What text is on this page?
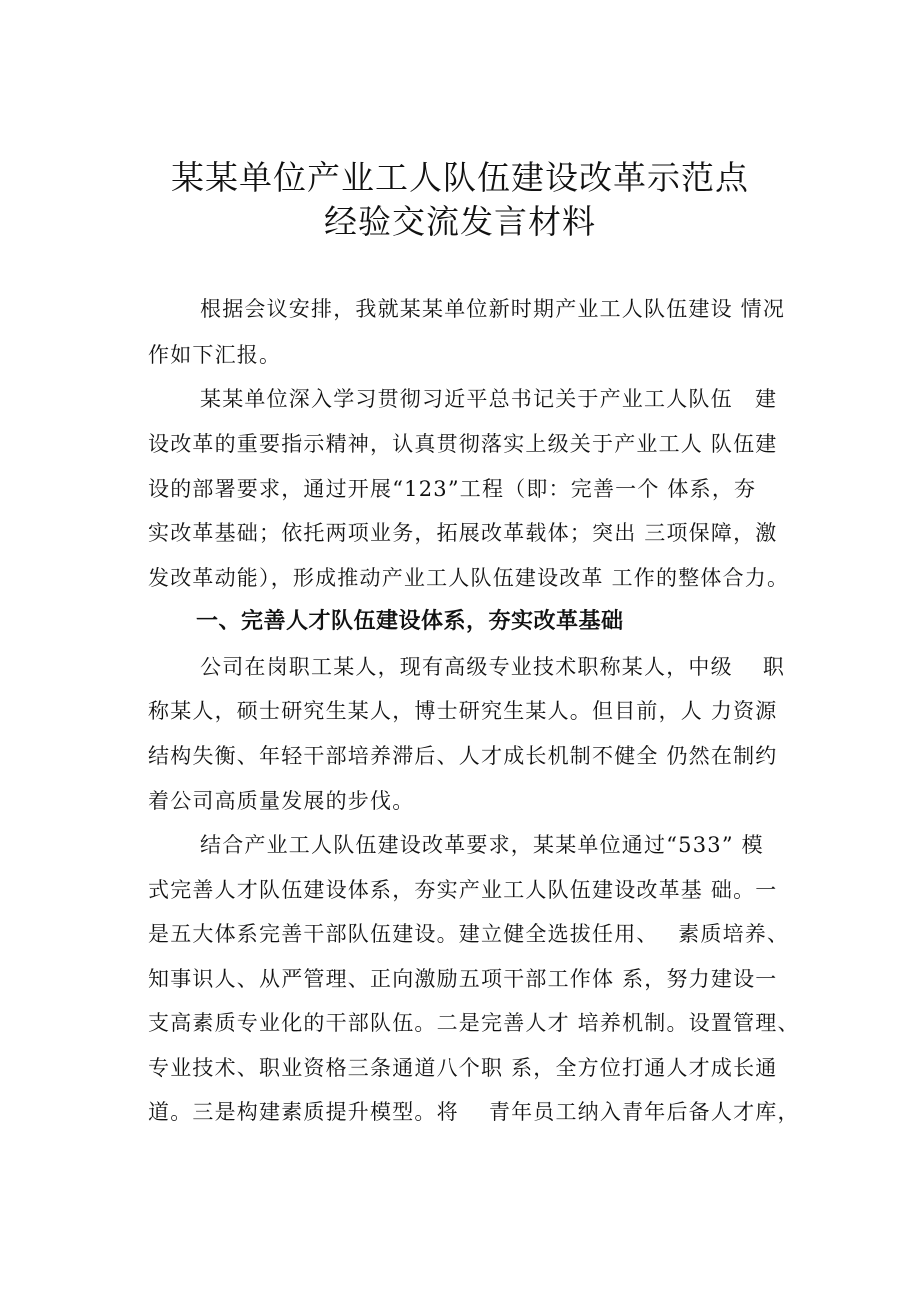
某某单位产业工人队伍建设改革示范点
经验交流发言材料

根据会议安排，我就某某单位新时期产业工人队伍建设 情况

作如下汇报。

某某单位深入学习贯彻习近平总书记关于产业工人队伍　建

设改革的重要指示精神，认真贯彻落实上级关于产业工人 队伍建

设的部署要求，通过开展“123”工程（即：完善一个 体系，夯

实改革基础；依托两项业务，拓展改革载体；突出 三项保障，激

发改革动能），形成推动产业工人队伍建设改革 工作的整体合力。

一、完善人才队伍建设体系，夯实改革基础

公司在岗职工某人，现有高级专业技术职称某人，中级　 职

称某人，硕士研究生某人，博士研究生某人。但目前，人 力资源

结构失衡、年轻干部培养滞后、人才成长机制不健全 仍然在制约

着公司高质量发展的步伐。

结合产业工人队伍建设改革要求，某某单位通过“533” 模

式完善人才队伍建设体系，夯实产业工人队伍建设改革基 础。一

是五大体系完善干部队伍建设。建立健全选拔任用、　 素质培养、

知事识人、从严管理、正向激励五项干部工作体 系，努力建设一

支高素质专业化的干部队伍。二是完善人才 培养机制。设置管理、

专业技术、职业资格三条通道八个职 系，全方位打通人才成长通

道。三是构建素质提升模型。将　 青年员工纳入青年后备人才库，
